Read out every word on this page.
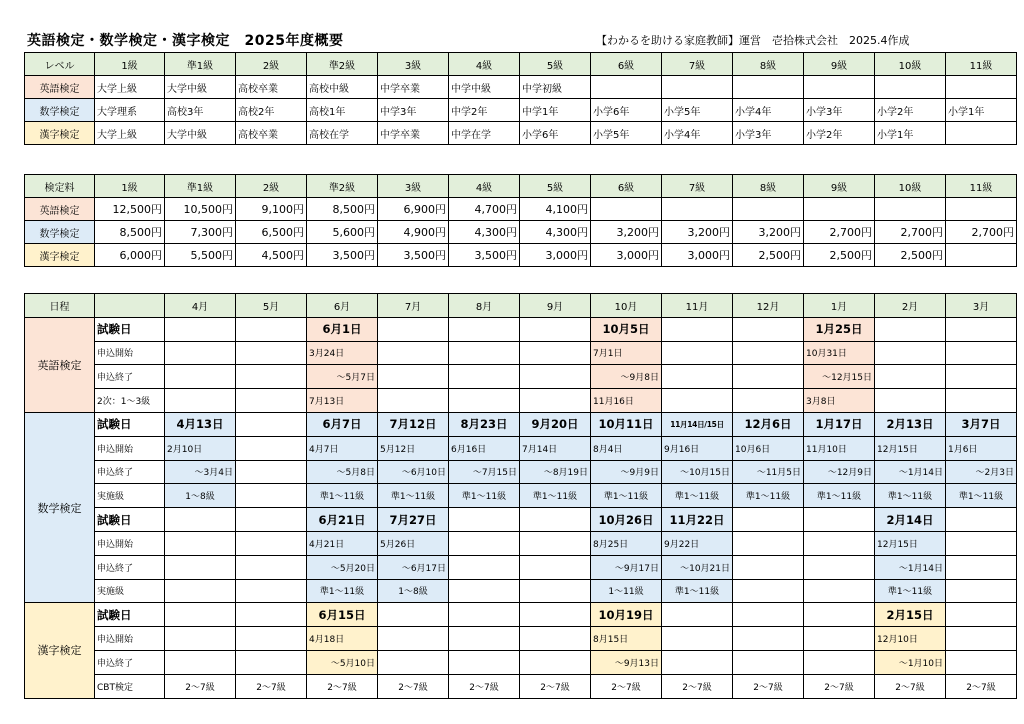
英語検定・数学検定・漢字検定　2025年度概要	【わかるを助ける家庭教師】運営　壱拾株式会社　2025.4作成
レベル	1級	準1級	2級	準2級	3級	4級	5級	6級	7級	8級	9級	10級	11級
英語検定	大学上級	大学中級	高校卒業	高校中級	中学卒業	中学中級	中学初級						
数学検定	大学理系	高校3年	高校2年	高校1年	中学3年	中学2年	中学1年	小学6年	小学5年	小学4年	小学3年	小学2年	小学1年
漢字検定	大学上級	大学中級	高校卒業	高校在学	中学卒業	中学在学	小学6年	小学5年	小学4年	小学3年	小学2年	小学1年	
検定料	1級	準1級	2級	準2級	3級	4級	5級	6級	7級	8級	9級	10級	11級
英語検定	12,500円	10,500円	9,100円	8,500円	6,900円	4,700円	4,100円						
数学検定	8,500円	7,300円	6,500円	5,600円	4,900円	4,300円	4,300円	3,200円	3,200円	3,200円	2,700円	2,700円	2,700円
漢字検定	6,000円	5,500円	4,500円	3,500円	3,500円	3,500円	3,000円	3,000円	3,000円	2,500円	2,500円	2,500円	
日程		4月	5月	6月	7月	8月	9月	10月	11月	12月	1月	2月	3月
英語検定	試験日			6月1日				10月5日			1月25日		
	申込開始			3月24日				7月1日			10月31日		
	申込終了			～5月7日				～9月8日			～12月15日		
	2次：1～3級			7月13日				11月16日			3月8日		
数学検定	試験日	4月13日		6月7日	7月12日	8月23日	9月20日	10月11日	11月14日/15日	12月6日	1月17日	2月13日	3月7日
	申込開始	2月10日		4月7日	5月12日	6月16日	7月14日	8月4日	9月16日	10月6日	11月10日	12月15日	1月6日
	申込終了	～3月4日		～5月8日	～6月10日	～7月15日	～8月19日	～9月9日	～10月15日	～11月5日	～12月9日	～1月14日	～2月3日
	実施級	1～8級		準1～11級	準1～11級	準1～11級	準1～11級	準1～11級	準1～11級	準1～11級	準1～11級	準1～11級	準1～11級
	試験日			6月21日	7月27日			10月26日	11月22日			2月14日	
	申込開始			4月21日	5月26日			8月25日	9月22日			12月15日	
	申込終了			～5月20日	～6月17日			～9月17日	～10月21日			～1月14日	
	実施級			準1～11級	1～8級			1～11級	準1～11級			準1～11級	
漢字検定	試験日			6月15日				10月19日				2月15日	
	申込開始			4月18日				8月15日				12月10日	
	申込終了			～5月10日				～9月13日				～1月10日	
	CBT検定	2～7級	2～7級	2～7級	2～7級	2～7級	2～7級	2～7級	2～7級	2～7級	2～7級	2～7級	2～7級
